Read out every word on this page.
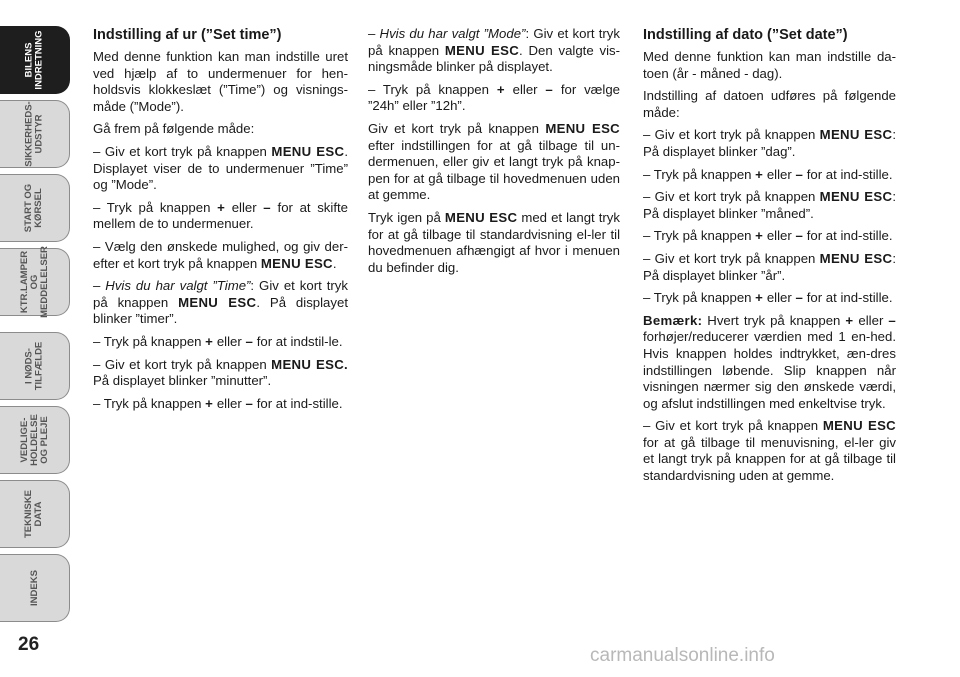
BILENS
INDRETNING
SIKKERHEDS-
UDSTYR
START OG
KØRSEL
KTR.LAMPER
OG
MEDDELELSER
I NØDS-
TILFÆLDE
VEDLIGE-
HOLDELSE
OG PLEJE
TEKNISKE
DATA
INDEKS
26
Indstilling af ur (”Set time”)

Med denne funktion kan man indstille uret ved hjælp af to undermenuer for hen-holdsvis klokkeslæt (”Time”) og visnings-måde (”Mode”).

Gå frem på følgende måde:

– Giv et kort tryk på knappen MENU ESC. Displayet viser de to undermenuer ”Time” og ”Mode”.

– Tryk på knappen + eller – for at skifte mellem de to undermenuer.

– Vælg den ønskede mulighed, og giv der-efter et kort tryk på knappen MENU ESC.

– Hvis du har valgt ”Time”: Giv et kort tryk på knappen MENU ESC. På displayet blinker ”timer”.

– Tryk på knappen + eller – for at indstil-le.

– Giv et kort tryk på knappen MENU ESC. På displayet blinker ”minutter”.

– Tryk på knappen + eller – for at ind-stille.

– Hvis du har valgt ”Mode”: Giv et kort tryk på knappen MENU ESC. Den valgte vis-ningsmåde blinker på displayet.

– Tryk på knappen + eller – for vælge ”24h” eller ”12h”.

Giv et kort tryk på knappen MENU ESC efter indstillingen for at gå tilbage til un-dermenuen, eller giv et langt tryk på knap-pen for at gå tilbage til hovedmenuen uden at gemme.

Tryk igen på MENU ESC med et langt tryk for at gå tilbage til standardvisning el-ler til hovedmenuen afhængigt af hvor i menuen du befinder dig.

Indstilling af dato (”Set date”)

Med denne funktion kan man indstille da-toen (år - måned - dag).

Indstilling af datoen udføres på følgende måde:

– Giv et kort tryk på knappen MENU ESC: På displayet blinker ”dag”.

– Tryk på knappen + eller – for at ind-stille.

– Giv et kort tryk på knappen MENU ESC: På displayet blinker ”måned”.

– Tryk på knappen + eller – for at ind-stille.

– Giv et kort tryk på knappen MENU ESC: På displayet blinker ”år”.

– Tryk på knappen + eller – for at ind-stille.

Bemærk: Hvert tryk på knappen + eller – forhøjer/reducerer værdien med 1 en-hed. Hvis knappen holdes indtrykket, æn-dres indstillingen løbende. Slip knappen når visningen nærmer sig den ønskede værdi, og afslut indstillingen med enkeltvise tryk.

– Giv et kort tryk på knappen MENU ESC for at gå tilbage til menuvisning, el-ler giv et langt tryk på knappen for at gå tilbage til standardvisning uden at gemme.

carmanualsonline.info
